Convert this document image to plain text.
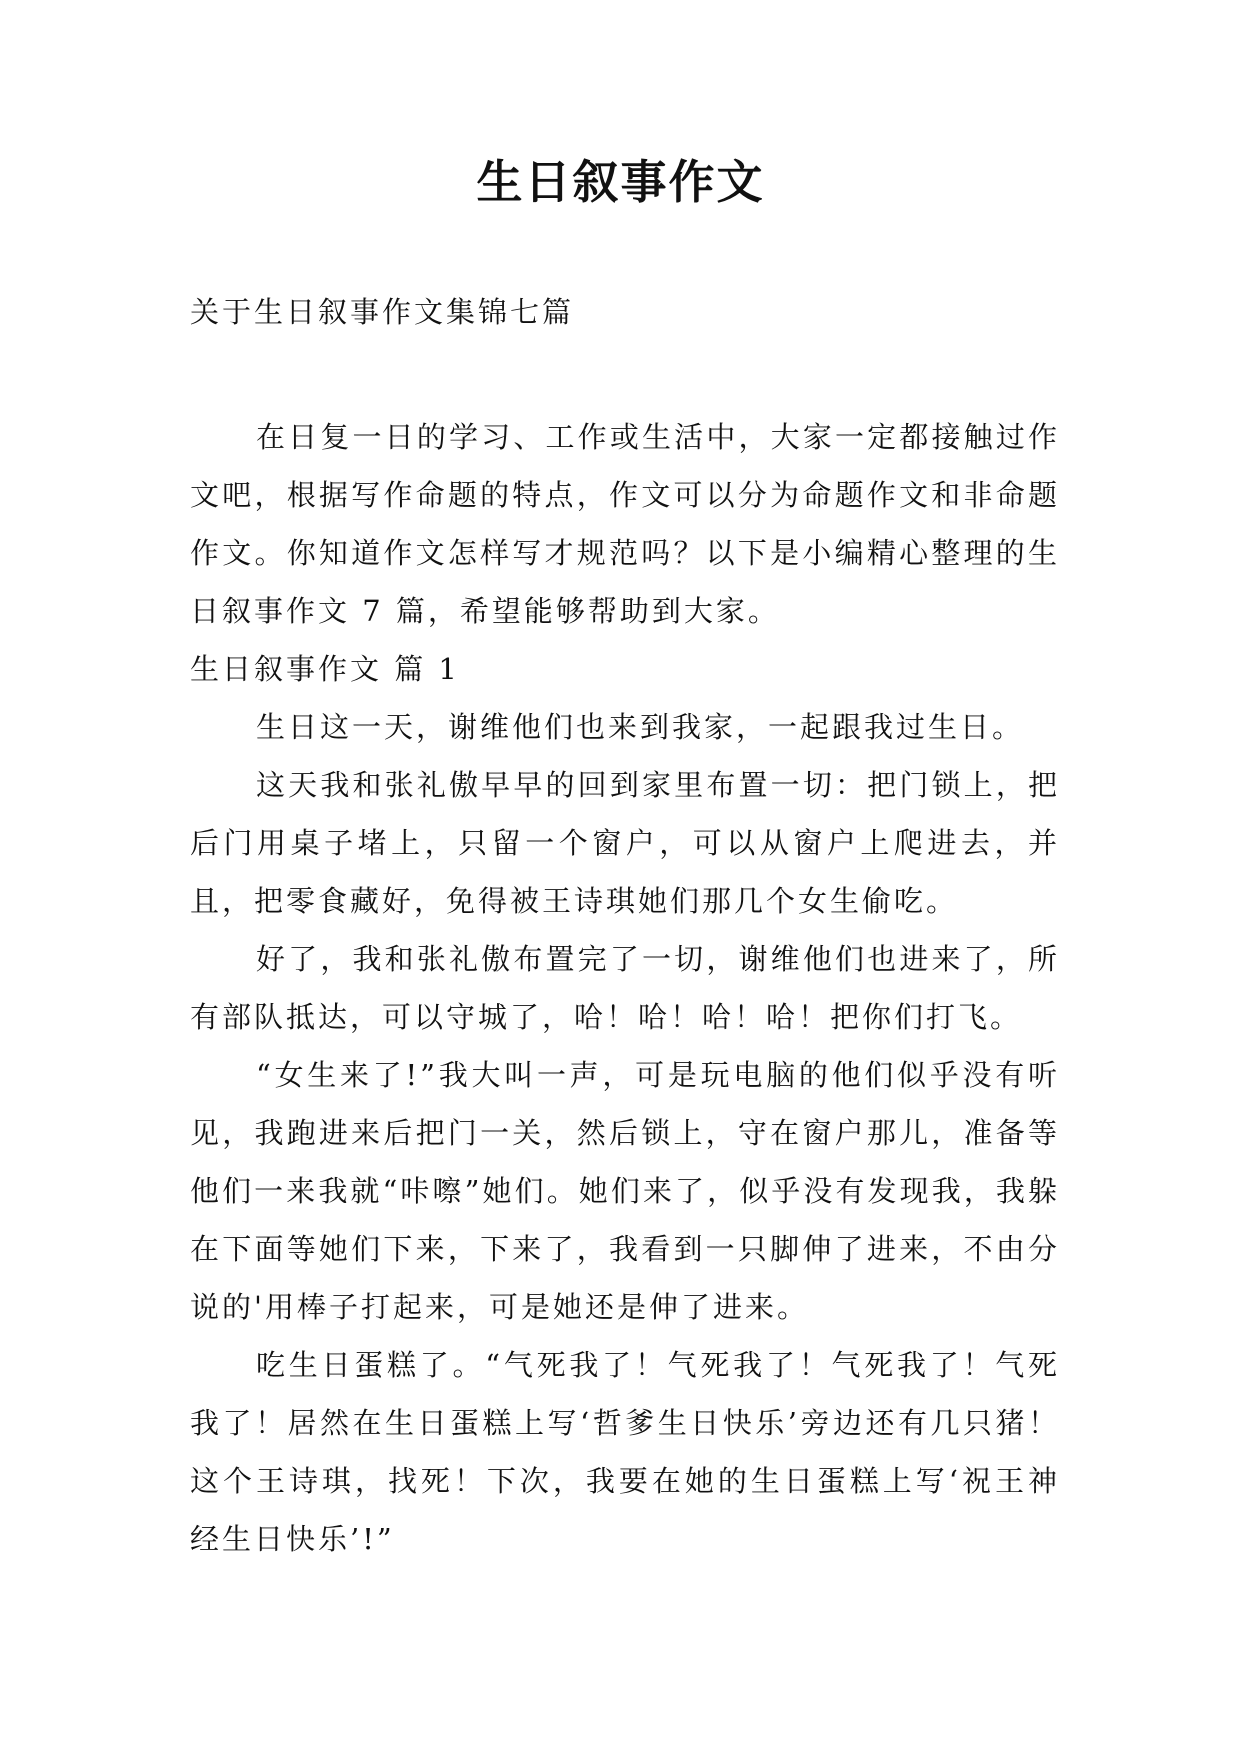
生日叙事作文
关于生日叙事作文集锦七篇

在日复一日的学习、工作或生活中，大家一定都接触过作文吧，根据写作命题的特点，作文可以分为命题作文和非命题作文。你知道作文怎样写才规范吗？以下是小编精心整理的生日叙事作文 7 篇，希望能够帮助到大家。

生日叙事作文 篇 1

生日这一天，谢维他们也来到我家，一起跟我过生日。

这天我和张礼傲早早的回到家里布置一切：把门锁上，把后门用桌子堵上，只留一个窗户，可以从窗户上爬进去，并且，把零食藏好，免得被王诗琪她们那几个女生偷吃。

好了，我和张礼傲布置完了一切，谢维他们也进来了，所有部队抵达，可以守城了，哈！哈！哈！哈！把你们打飞。

“女生来了!”我大叫一声，可是玩电脑的他们似乎没有听见，我跑进来后把门一关，然后锁上，守在窗户那儿，准备等他们一来我就“咔嚓”她们。她们来了，似乎没有发现我，我躲在下面等她们下来，下来了，我看到一只脚伸了进来，不由分说的'用棒子打起来，可是她还是伸了进来。

吃生日蛋糕了。“气死我了！气死我了！气死我了！气死我了！居然在生日蛋糕上写‘哲爹生日快乐’旁边还有几只猪！这个王诗琪，找死！下次，我要在她的生日蛋糕上写‘祝王神经生日快乐’!”
